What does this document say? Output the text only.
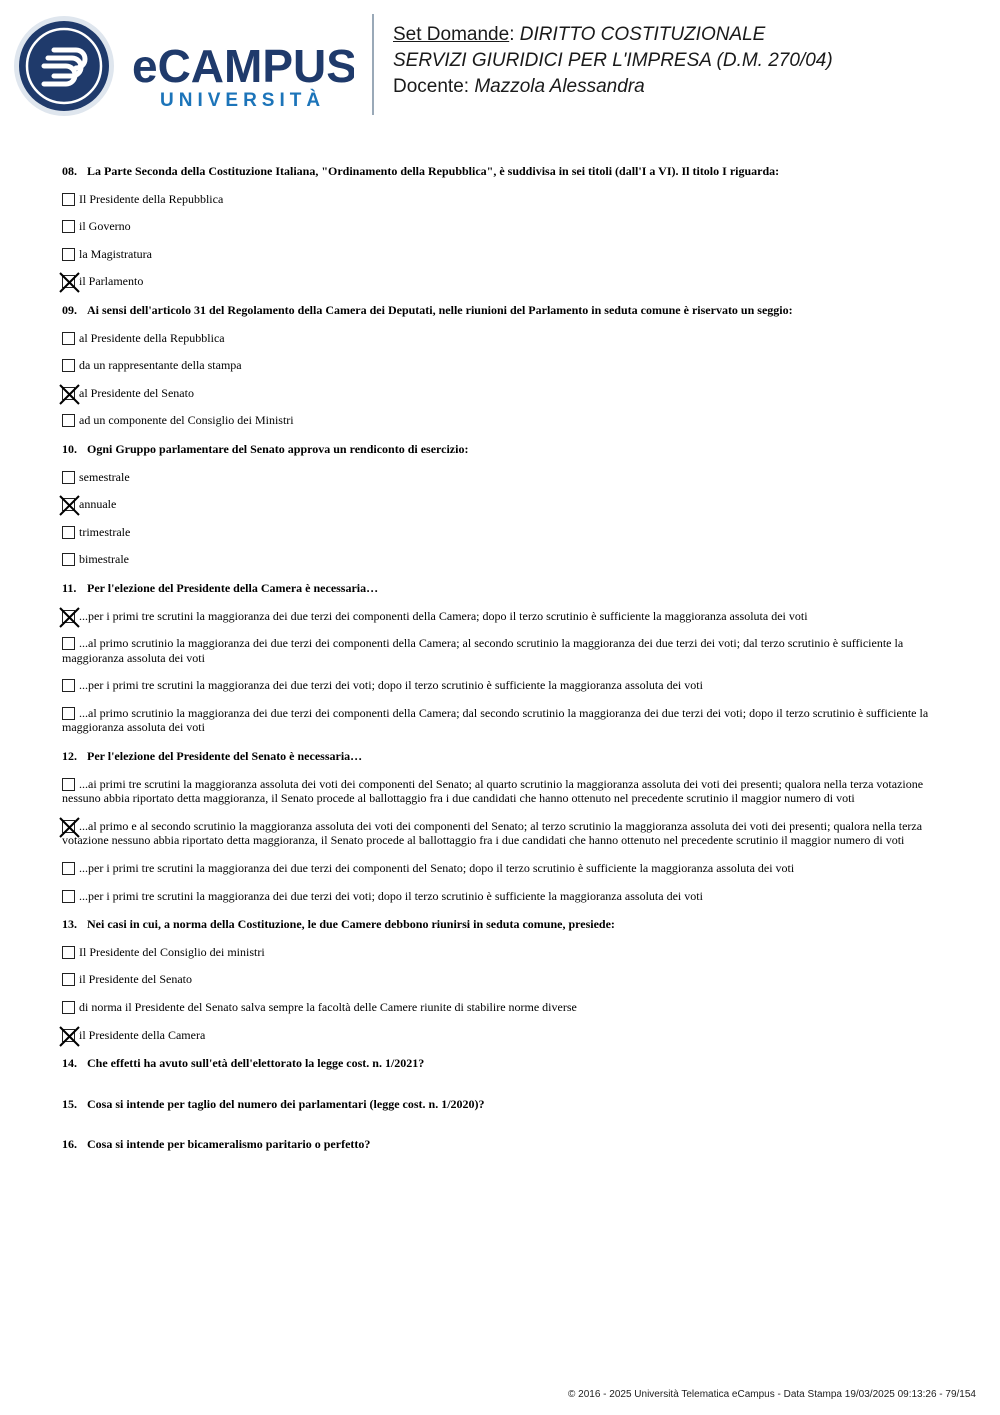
eCAMPUS
UNIVERSITÀ
Set Domande: DIRITTO COSTITUZIONALE
SERVIZI GIURIDICI PER L'IMPRESA (D.M. 270/04)
Docente: Mazzola Alessandra
08. La Parte Seconda della Costituzione Italiana, "Ordinamento della Repubblica", è suddivisa in sei titoli (dall'I a VI). Il titolo I riguarda:
Il Presidente della Repubblica
il Governo
la Magistratura
il Parlamento
09. Ai sensi dell'articolo 31 del Regolamento della Camera dei Deputati, nelle riunioni del Parlamento in seduta comune è riservato un seggio:
al Presidente della Repubblica
da un rappresentante della stampa
al Presidente del Senato
ad un componente del Consiglio dei Ministri
10. Ogni Gruppo parlamentare del Senato approva un rendiconto di esercizio:
semestrale
annuale
trimestrale
bimestrale
11. Per l'elezione del Presidente della Camera è necessaria…
...per i primi tre scrutini la maggioranza dei due terzi dei componenti della Camera; dopo il terzo scrutinio è sufficiente la maggioranza assoluta dei voti
...al primo scrutinio la maggioranza dei due terzi dei componenti della Camera; al secondo scrutinio la maggioranza dei due terzi dei voti; dal terzo scrutinio è sufficiente la maggioranza assoluta dei voti
...per i primi tre scrutini la maggioranza dei due terzi dei voti; dopo il terzo scrutinio è sufficiente la maggioranza assoluta dei voti
...al primo scrutinio la maggioranza dei due terzi dei componenti della Camera; dal secondo scrutinio la maggioranza dei due terzi dei voti; dopo il terzo scrutinio è sufficiente la maggioranza assoluta dei voti
12. Per l'elezione del Presidente del Senato è necessaria…
...ai primi tre scrutini la maggioranza assoluta dei voti dei componenti del Senato; al quarto scrutinio la maggioranza assoluta dei voti dei presenti; qualora nella terza votazione nessuno abbia riportato detta maggioranza, il Senato procede al ballottaggio fra i due candidati che hanno ottenuto nel precedente scrutinio il maggior numero di voti
...al primo e al secondo scrutinio la maggioranza assoluta dei voti dei componenti del Senato; al terzo scrutinio la maggioranza assoluta dei voti dei presenti; qualora nella terza votazione nessuno abbia riportato detta maggioranza, il Senato procede al ballottaggio fra i due candidati che hanno ottenuto nel precedente scrutinio il maggior numero di voti
...per i primi tre scrutini la maggioranza dei due terzi dei componenti del Senato; dopo il terzo scrutinio è sufficiente la maggioranza assoluta dei voti
...per i primi tre scrutini la maggioranza dei due terzi dei voti; dopo il terzo scrutinio è sufficiente la maggioranza assoluta dei voti
13. Nei casi in cui, a norma della Costituzione, le due Camere debbono riunirsi in seduta comune, presiede:
Il Presidente del Consiglio dei ministri
il Presidente del Senato
di norma il Presidente del Senato salva sempre la facoltà delle Camere riunite di stabilire norme diverse
il Presidente della Camera
14. Che effetti ha avuto sull'età dell'elettorato la legge cost. n. 1/2021?
15. Cosa si intende per taglio del numero dei parlamentari (legge cost. n. 1/2020)?
16. Cosa si intende per bicameralismo paritario o perfetto?
© 2016 - 2025 Università Telematica eCampus - Data Stampa 19/03/2025 09:13:26 - 79/154
